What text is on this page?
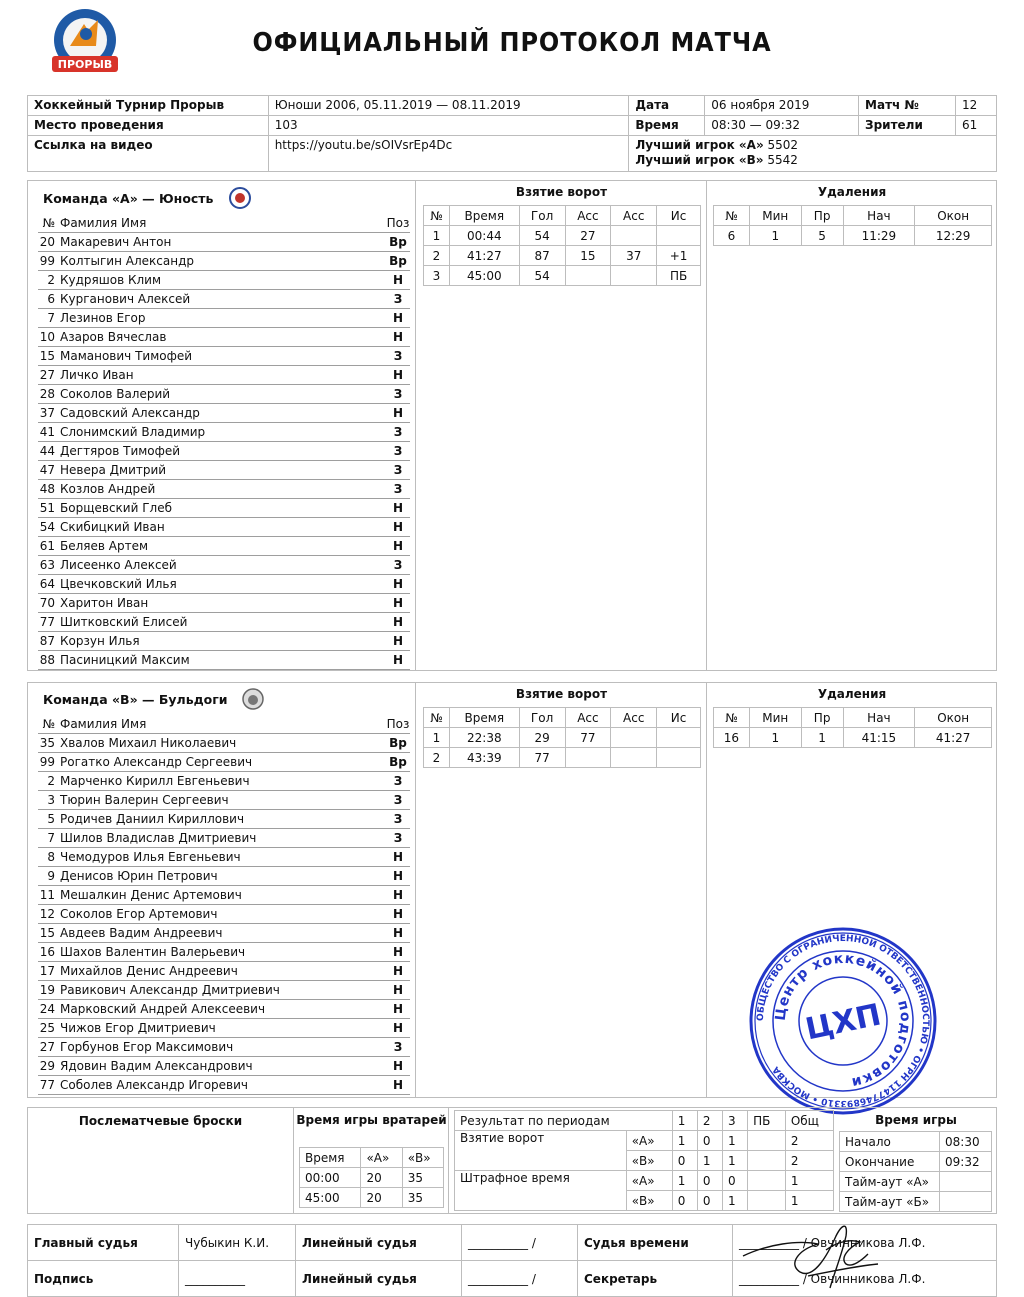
ПРОРЫВ
ОФИЦИАЛЬНЫЙ ПРОТОКОЛ МАТЧА
Хоккейный Турнир Прорыв	Юноши 2006, 05.11.2019 — 08.11.2019	Дата	06 ноября 2019	Матч №	12
Место проведения	103	Время	08:30 — 09:32	Зрители	61
Ссылка на видео	https://youtu.be/sOIVsrEp4Dc	Лучший игрок «А» 5502
Лучший игрок «В» 5542			
Команда «А» — Юность
№ Фамилия Имя	Поз
20 Макаревич Антон	Вр
99 Колтыгин Александр	Вр
2 Кудряшов Клим	Н
6 Курганович Алексей	З
7 Лезинов Егор	Н
10 Азаров Вячеслав	Н
15 Маманович Тимофей	З
27 Личко Иван	Н
28 Соколов Валерий	З
37 Садовский Александр	Н
41 Слонимский Владимир	З
44 Дегтяров Тимофей	З
47 Невера Дмитрий	З
48 Козлов Андрей	З
51 Борщевский Глеб	Н
54 Скибицкий Иван	Н
61 Беляев Артем	Н
63 Лисеенко Алексей	З
64 Цвечковский Илья	Н
70 Харитон Иван	Н
77 Шитковский Елисей	Н
87 Корзун Илья	Н
88 Пасиницкий Максим	Н
Взятие ворот
№	Время	Гол	Асс	Асс	Ис
1	00:44	54	27		
2	41:27	87	15	37	+1
3	45:00	54			ПБ
Удаления
№	Мин	Пр	Нач	Окон
6	1	5	11:29	12:29
Команда «В» — Бульдоги
№ Фамилия Имя	Поз
35 Хвалов Михаил Николаевич	Вр
99 Рогатко Александр Сергеевич	Вр
2 Марченко Кирилл Евгеньевич	З
3 Тюрин Валерин Сергеевич	З
5 Родичев Даниил Кириллович	З
7 Шилов Владислав Дмитриевич	З
8 Чемодуров Илья Евгеньевич	Н
9 Денисов Юрин Петрович	Н
11 Мешалкин Денис Артемович	Н
12 Соколов Егор Артемович	Н
15 Авдеев Вадим Андреевич	Н
16 Шахов Валентин Валерьевич	Н
17 Михайлов Денис Андреевич	Н
19 Равикович Александр Дмитриевич	Н
24 Марковский Андрей Алексеевич	Н
25 Чижов Егор Дмитриевич	Н
27 Горбунов Егор Максимович	З
29 Ядовин Вадим Александрович	Н
77 Соболев Александр Игоревич	Н
Взятие ворот
№	Время	Гол	Асс	Асс	Ис
1	22:38	29	77		
2	43:39	77			
Удаления
№	Мин	Пр	Нач	Окон
16	1	1	41:15	41:27
ОБЩЕСТВО С ОГРАНИЧЕННОЙ ОТВЕТСТВЕННОСТЬЮ • ОГРН 1147746893310 • МОСКВА
Центр хоккейной подготовки
ЦХП
Послематчевые броски	Время игры вратарей
Время	«А»	«В»
00:00	20	35
45:00	20	35
Результат по периодам		1	2	3	ПБ	Общ
Взятие ворот	«А»	1	0	1		2
	«В»	0	1	1		2
Штрафное время	«А»	1	0	0		1
	«В»	0	0	1		1
Время игры
Начало	08:30
Окончание	09:32
Тайм-аут «А»	
Тайм-аут «Б»	
Главный судья	Чубыкин К.И.	Линейный судья	__________ /	Судья времени	__________ / Овчинникова Л.Ф.
Подпись	__________	Линейный судья	__________ /	Секретарь	__________ / Овчинникова Л.Ф.
